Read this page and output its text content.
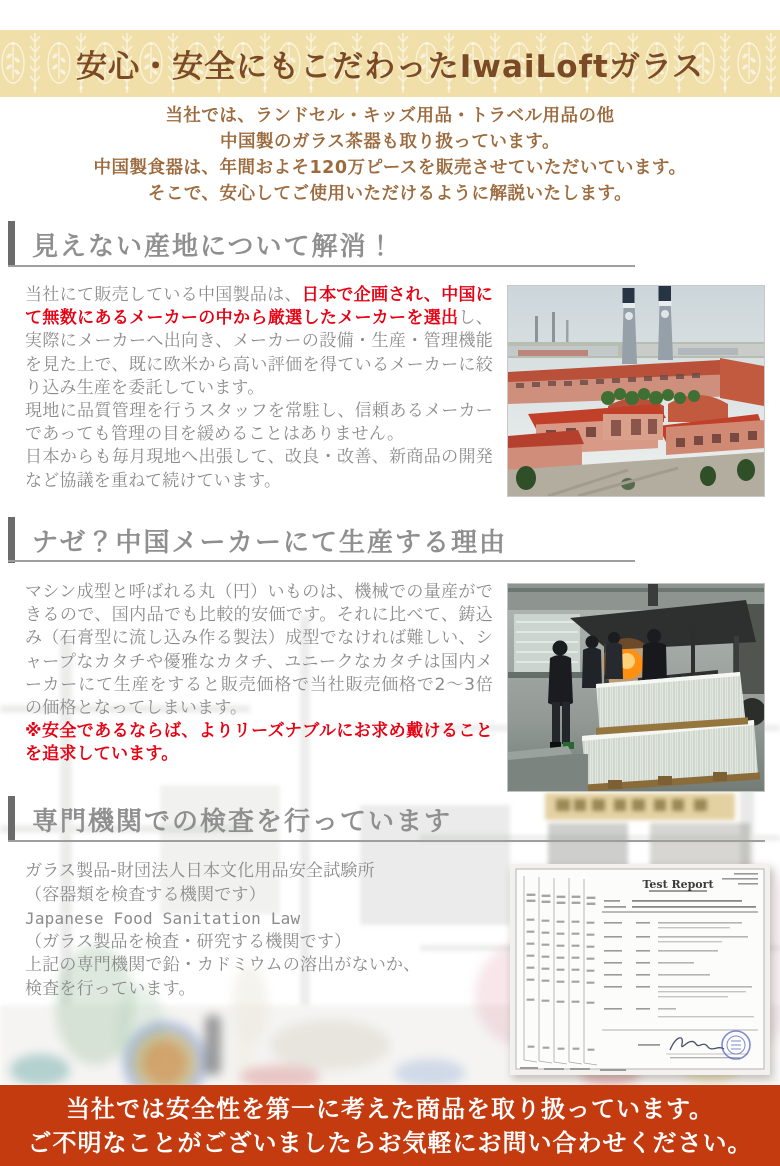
安心・安全にもこだわったIwaiLoftガラス
当社では、ランドセル・キッズ用品・トラベル用品の他
中国製のガラス茶器も取り扱っています。
中国製食器は、年間およそ120万ピースを販売させていただいています。
そこで、安心してご使用いただけるように解説いたします。
見えない産地について解消！

当社にて販売している中国製品は、日本で企画され、中国にて無数にあるメーカーの中から厳選したメーカーを選出し、実際にメーカーへ出向き、メーカーの設備・生産・管理機能を見た上で、既に欧米から高い評価を得ているメーカーに絞り込み生産を委託しています。

現地に品質管理を行うスタッフを常駐し、信頼あるメーカーであっても管理の目を緩めることはありません。

日本からも毎月現地へ出張して、改良・改善、新商品の開発など協議を重ねて続けています。

ナゼ？中国メーカーにて生産する理由

マシン成型と呼ばれる丸（円）いものは、機械での量産ができるので、国内品でも比較的安価です。それに比べて、鋳込み（石膏型に流し込み作る製法）成型でなければ難しい、シャープなカタチや優雅なカタチ、ユニークなカタチは国内メーカーにて生産をすると販売価格で当社販売価格で2〜3倍の価格となってしまいます。

※安全であるならば、よりリーズナブルにお求め戴けることを追求しています。

専門機関での検査を行っています
ガラス製品-財団法人日本文化用品安全試験所
（容器類を検査する機関です）
Japanese Food Sanitation Law
（ガラス製品を検査・研究する機関です）
上記の専門機関で鉛・カドミウムの溶出がないか、
検査を行っています。
Test Report
当社では安全性を第一に考えた商品を取り扱っています。
ご不明なことがございましたらお気軽にお問い合わせください。
